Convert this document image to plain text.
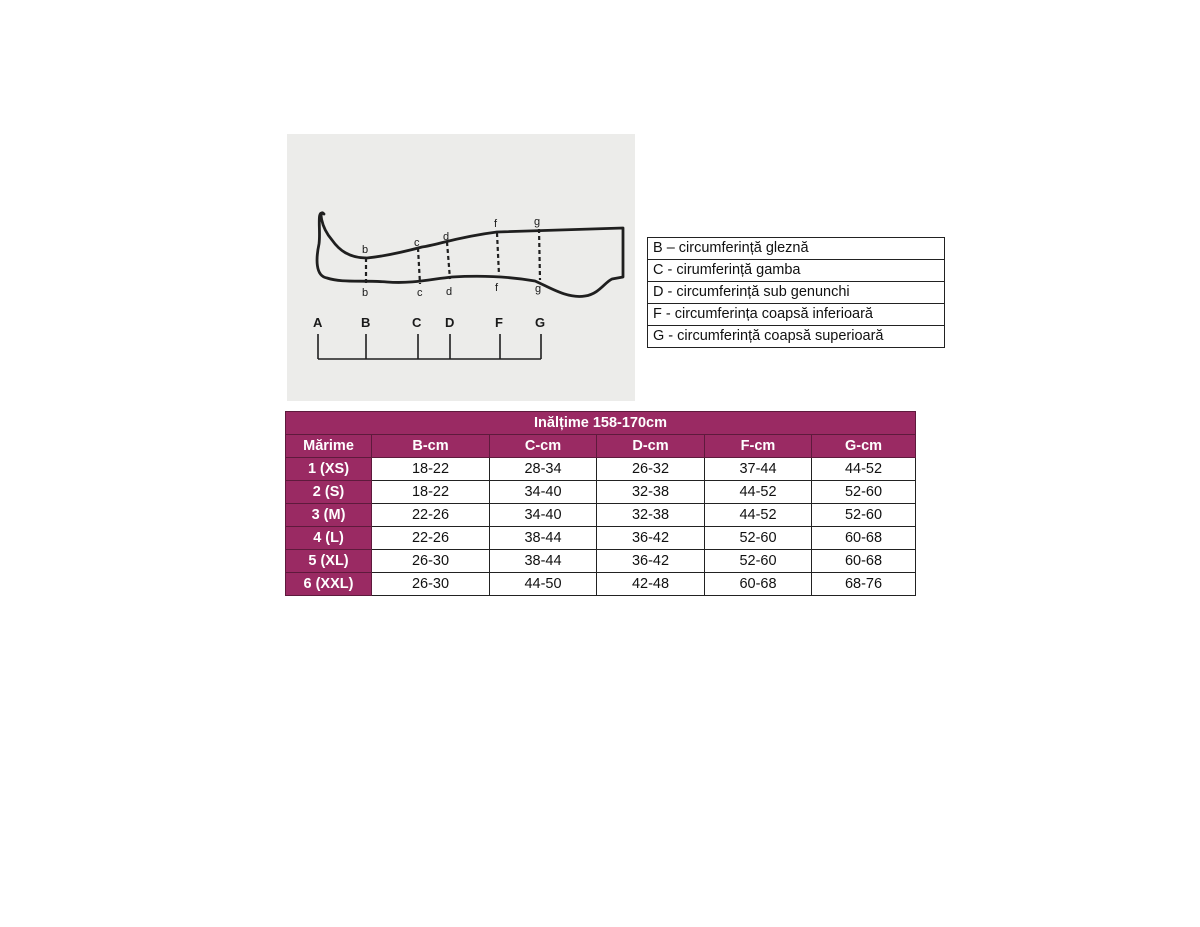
b
c d
f	g
b	c d	f	g
A	B	C D	F G
B – circumferință gleznă
C - cirumferință gamba
D - circumferință sub genunchi
F - circumferința coapsă inferioară
G - circumferință coapsă superioară
Inălțime 158-170cm					
Mărime	B-cm	C-cm	D-cm	F-cm	G-cm
1 (XS)	18-22	28-34	26-32	37-44	44-52
2 (S)	18-22	34-40	32-38	44-52	52-60
3 (M)	22-26	34-40	32-38	44-52	52-60
4 (L)	22-26	38-44	36-42	52-60	60-68
5 (XL)	26-30	38-44	36-42	52-60	60-68
6 (XXL)	26-30	44-50	42-48	60-68	68-76
